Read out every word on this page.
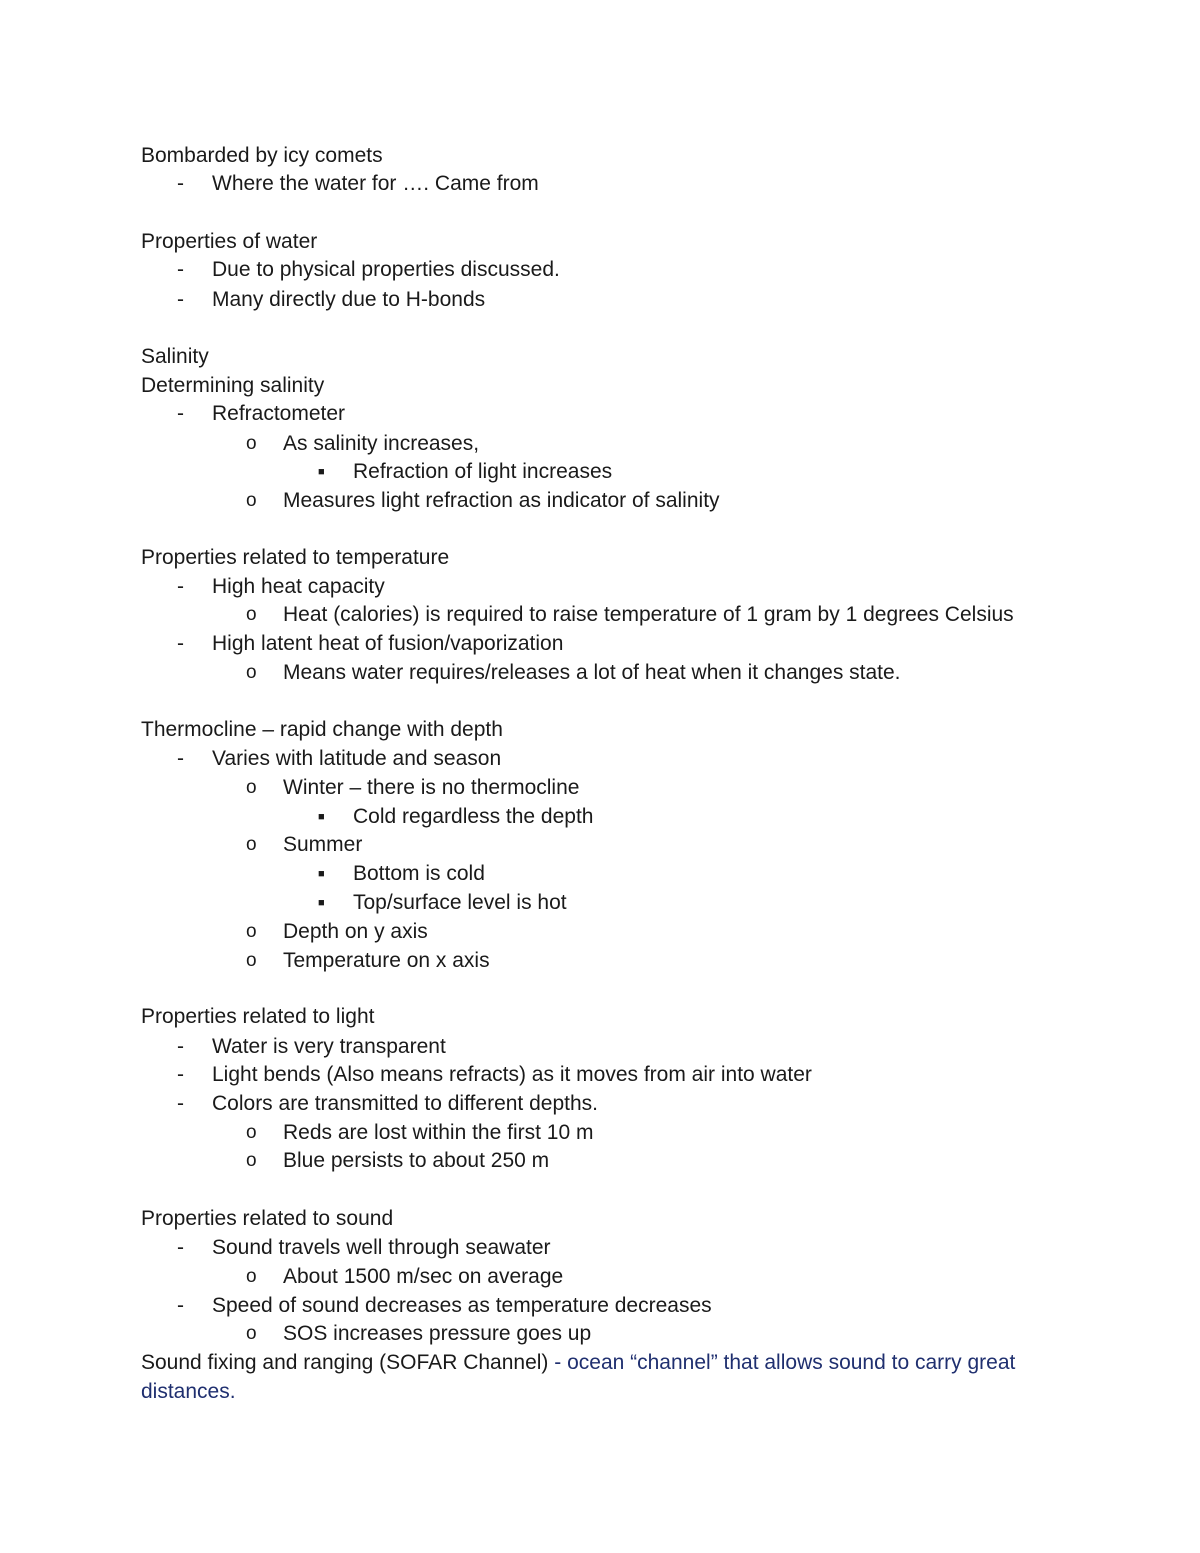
Bombarded by icy comets
- Where the water for …. Came from
Properties of water
- Due to physical properties discussed.
- Many directly due to H-bonds
Salinity
Determining salinity
- Refractometer
o As salinity increases,
■ Refraction of light increases
o Measures light refraction as indicator of salinity
Properties related to temperature
- High heat capacity
o Heat (calories) is required to raise temperature of 1 gram by 1 degrees Celsius
- High latent heat of fusion/vaporization
o Means water requires/releases a lot of heat when it changes state.
Thermocline – rapid change with depth
- Varies with latitude and season
o Winter – there is no thermocline
■ Cold regardless the depth
o Summer
■ Bottom is cold
■ Top/surface level is hot
o Depth on y axis
o Temperature on x axis
Properties related to light
- Water is very transparent
- Light bends (Also means refracts) as it moves from air into water
- Colors are transmitted to different depths.
o Reds are lost within the first 10 m
o Blue persists to about 250 m
Properties related to sound
- Sound travels well through seawater
o About 1500 m/sec on average
- Speed of sound decreases as temperature decreases
o SOS increases pressure goes up
Sound fixing and ranging (SOFAR Channel) - ocean “channel” that allows sound to carry great
distances.
